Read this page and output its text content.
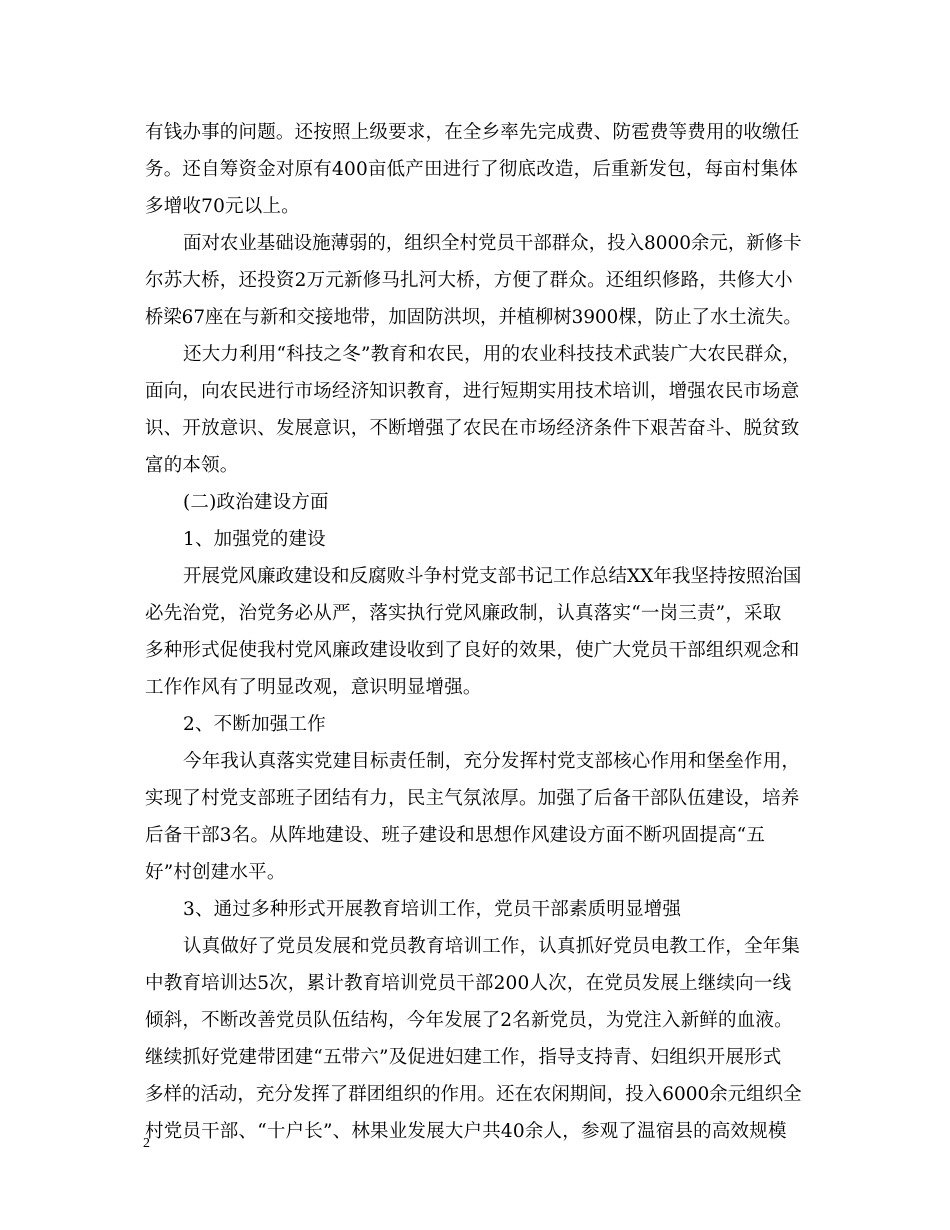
有钱办事的问题。还按照上级要求，在全乡率先完成费、防雹费等费用的收缴任
务。还自筹资金对原有400亩低产田进行了彻底改造，后重新发包，每亩村集体
多增收70元以上。
面对农业基础设施薄弱的，组织全村党员干部群众，投入8000余元，新修卡
尔苏大桥，还投资2万元新修马扎河大桥，方便了群众。还组织修路，共修大小
桥梁67座在与新和交接地带，加固防洪坝，并植柳树3900棵，防止了水土流失。
还大力利用“科技之冬”教育和农民，用的农业科技技术武装广大农民群众，
面向，向农民进行市场经济知识教育，进行短期实用技术培训，增强农民市场意
识、开放意识、发展意识，不断增强了农民在市场经济条件下艰苦奋斗、脱贫致
富的本领。
(二)政治建设方面
1、加强党的建设
开展党风廉政建设和反腐败斗争村党支部书记工作总结XX年我坚持按照治国
必先治党，治党务必从严，落实执行党风廉政制，认真落实“一岗三责”，采取
多种形式促使我村党风廉政建设收到了良好的效果，使广大党员干部组织观念和
工作作风有了明显改观，意识明显增强。
2、不断加强工作
今年我认真落实党建目标责任制，充分发挥村党支部核心作用和堡垒作用，
实现了村党支部班子团结有力，民主气氛浓厚。加强了后备干部队伍建设，培养
后备干部3名。从阵地建设、班子建设和思想作风建设方面不断巩固提高“五
好”村创建水平。
3、通过多种形式开展教育培训工作，党员干部素质明显增强
认真做好了党员发展和党员教育培训工作，认真抓好党员电教工作，全年集
中教育培训达5次，累计教育培训党员干部200人次，在党员发展上继续向一线
倾斜，不断改善党员队伍结构，今年发展了2名新党员，为党注入新鲜的血液。
继续抓好党建带团建“五带六”及促进妇建工作，指导支持青、妇组织开展形式
多样的活动，充分发挥了群团组织的作用。还在农闲期间，投入6000余元组织全
村党员干部、“十户长”、林果业发展大户共40余人，参观了温宿县的高效规模
2
